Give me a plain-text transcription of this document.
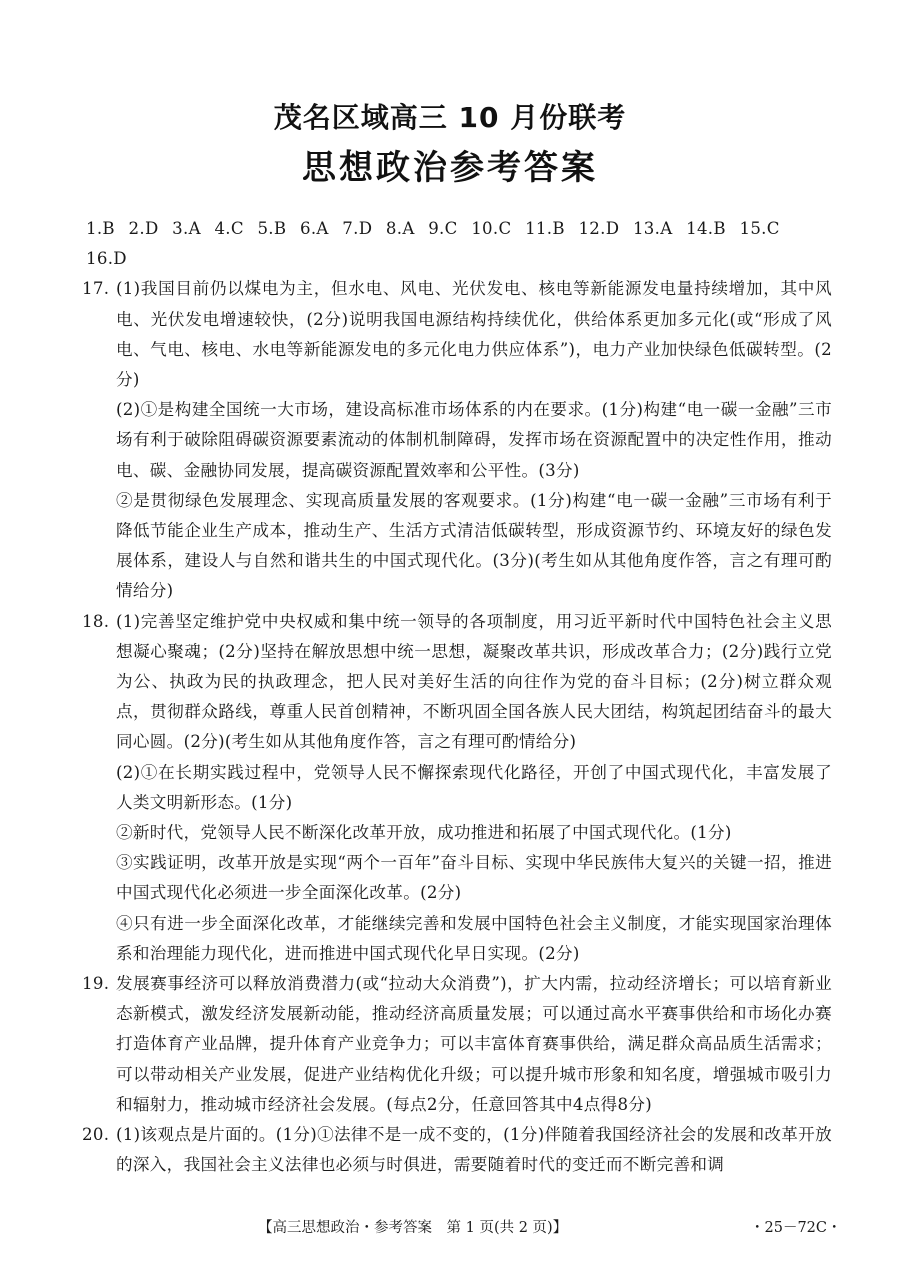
茂名区域高三 10 月份联考
思想政治参考答案
1.B 2.D 3.A 4.C 5.B 6.A 7.D 8.A 9.C 10.C 11.B 12.D 13.A 14.B 15.C 16.D
17. (1)我国目前仍以煤电为主，但水电、风电、光伏发电、核电等新能源发电量持续增加，其中风电、光伏发电增速较快，(2分)说明我国电源结构持续优化，供给体系更加多元化(或“形成了风电、气电、核电、水电等新能源发电的多元化电力供应体系”)，电力产业加快绿色低碳转型。(2分)

(2)①是构建全国统一大市场，建设高标准市场体系的内在要求。(1分)构建“电一碳一金融”三市场有利于破除阻碍碳资源要素流动的体制机制障碍，发挥市场在资源配置中的决定性作用，推动电、碳、金融协同发展，提高碳资源配置效率和公平性。(3分)

②是贯彻绿色发展理念、实现高质量发展的客观要求。(1分)构建“电一碳一金融”三市场有利于降低节能企业生产成本，推动生产、生活方式清洁低碳转型，形成资源节约、环境友好的绿色发展体系，建设人与自然和谐共生的中国式现代化。(3分)(考生如从其他角度作答，言之有理可酌情给分)

18. (1)完善坚定维护党中央权威和集中统一领导的各项制度，用习近平新时代中国特色社会主义思想凝心聚魂；(2分)坚持在解放思想中统一思想，凝聚改革共识，形成改革合力；(2分)践行立党为公、执政为民的执政理念，把人民对美好生活的向往作为党的奋斗目标；(2分)树立群众观点，贯彻群众路线，尊重人民首创精神，不断巩固全国各族人民大团结，构筑起团结奋斗的最大同心圆。(2分)(考生如从其他角度作答，言之有理可酌情给分)

(2)①在长期实践过程中，党领导人民不懈探索现代化路径，开创了中国式现代化，丰富发展了人类文明新形态。(1分)

②新时代，党领导人民不断深化改革开放，成功推进和拓展了中国式现代化。(1分)

③实践证明，改革开放是实现“两个一百年”奋斗目标、实现中华民族伟大复兴的关键一招，推进中国式现代化必须进一步全面深化改革。(2分)

④只有进一步全面深化改革，才能继续完善和发展中国特色社会主义制度，才能实现国家治理体系和治理能力现代化，进而推进中国式现代化早日实现。(2分)

19. 发展赛事经济可以释放消费潜力(或“拉动大众消费”)，扩大内需，拉动经济增长；可以培育新业态新模式，激发经济发展新动能，推动经济高质量发展；可以通过高水平赛事供给和市场化办赛打造体育产业品牌，提升体育产业竞争力；可以丰富体育赛事供给，满足群众高品质生活需求；可以带动相关产业发展，促进产业结构优化升级；可以提升城市形象和知名度，增强城市吸引力和辐射力，推动城市经济社会发展。(每点2分，任意回答其中4点得8分)

20. (1)该观点是片面的。(1分)①法律不是一成不变的，(1分)伴随着我国经济社会的发展和改革开放的深入，我国社会主义法律也必须与时俱进，需要随着时代的变迁而不断完善和调

【高三思想政治・参考答案　第 1 页(共 2 页)】	・25－72C・
